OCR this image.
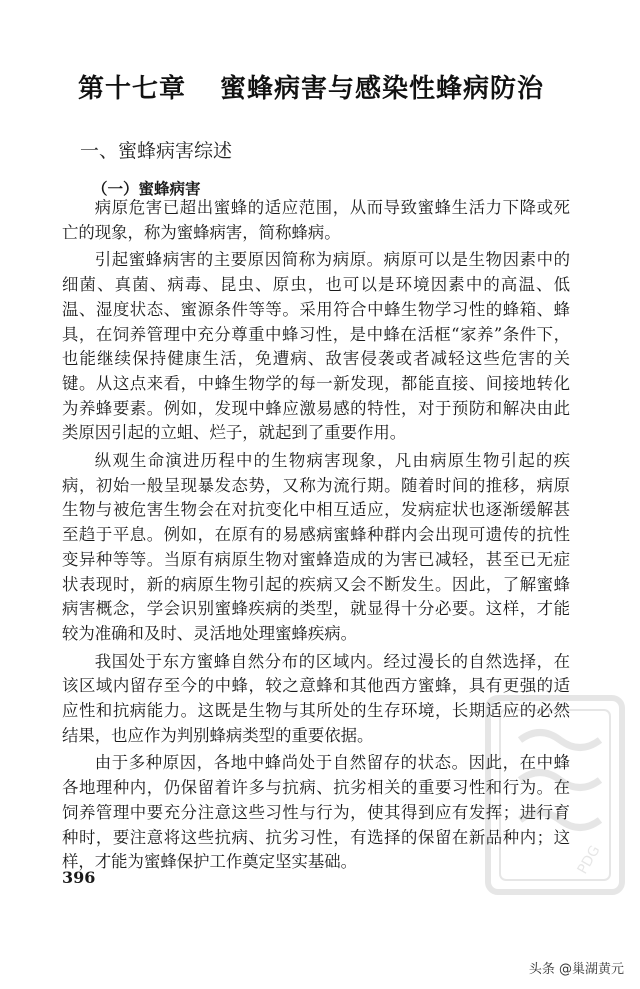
第十七章 蜜蜂病害与感染性蜂病防治
一、蜜蜂病害综述
（一）蜜蜂病害

病原危害已超出蜜蜂的适应范围，从而导致蜜蜂生活力下降或死亡的现象，称为蜜蜂病害，简称蜂病。

引起蜜蜂病害的主要原因简称为病原。病原可以是生物因素中的细菌、真菌、病毒、昆虫、原虫，也可以是环境因素中的高温、低温、湿度状态、蜜源条件等等。采用符合中蜂生物学习性的蜂箱、蜂具，在饲养管理中充分尊重中蜂习性，是中蜂在活框“家养”条件下，也能继续保持健康生活，免遭病、敌害侵袭或者减轻这些危害的关键。从这点来看，中蜂生物学的每一新发现，都能直接、间接地转化为养蜂要素。例如，发现中蜂应激易感的特性，对于预防和解决由此类原因引起的立蛆、烂子，就起到了重要作用。

纵观生命演进历程中的生物病害现象，凡由病原生物引起的疾病，初始一般呈现暴发态势，又称为流行期。随着时间的推移，病原生物与被危害生物会在对抗变化中相互适应，发病症状也逐渐缓解甚至趋于平息。例如，在原有的易感病蜜蜂种群内会出现可遗传的抗性变异种等等。当原有病原生物对蜜蜂造成的为害已减轻，甚至已无症状表现时，新的病原生物引起的疾病又会不断发生。因此，了解蜜蜂病害概念，学会识别蜜蜂疾病的类型，就显得十分必要。这样，才能较为准确和及时、灵活地处理蜜蜂疾病。

我国处于东方蜜蜂自然分布的区域内。经过漫长的自然选择，在该区域内留存至今的中蜂，较之意蜂和其他西方蜜蜂，具有更强的适应性和抗病能力。这既是生物与其所处的生存环境，长期适应的必然结果，也应作为判别蜂病类型的重要依据。

由于多种原因，各地中蜂尚处于自然留存的状态。因此，在中蜂各地理种内，仍保留着许多与抗病、抗劣相关的重要习性和行为。在饲养管理中要充分注意这些习性与行为，使其得到应有发挥；进行育种时，要注意将这些抗病、抗劣习性，有选择的保留在新品种内；这样，才能为蜜蜂保护工作奠定坚实基础。

396
PDG
头条 @巢湖黄元
